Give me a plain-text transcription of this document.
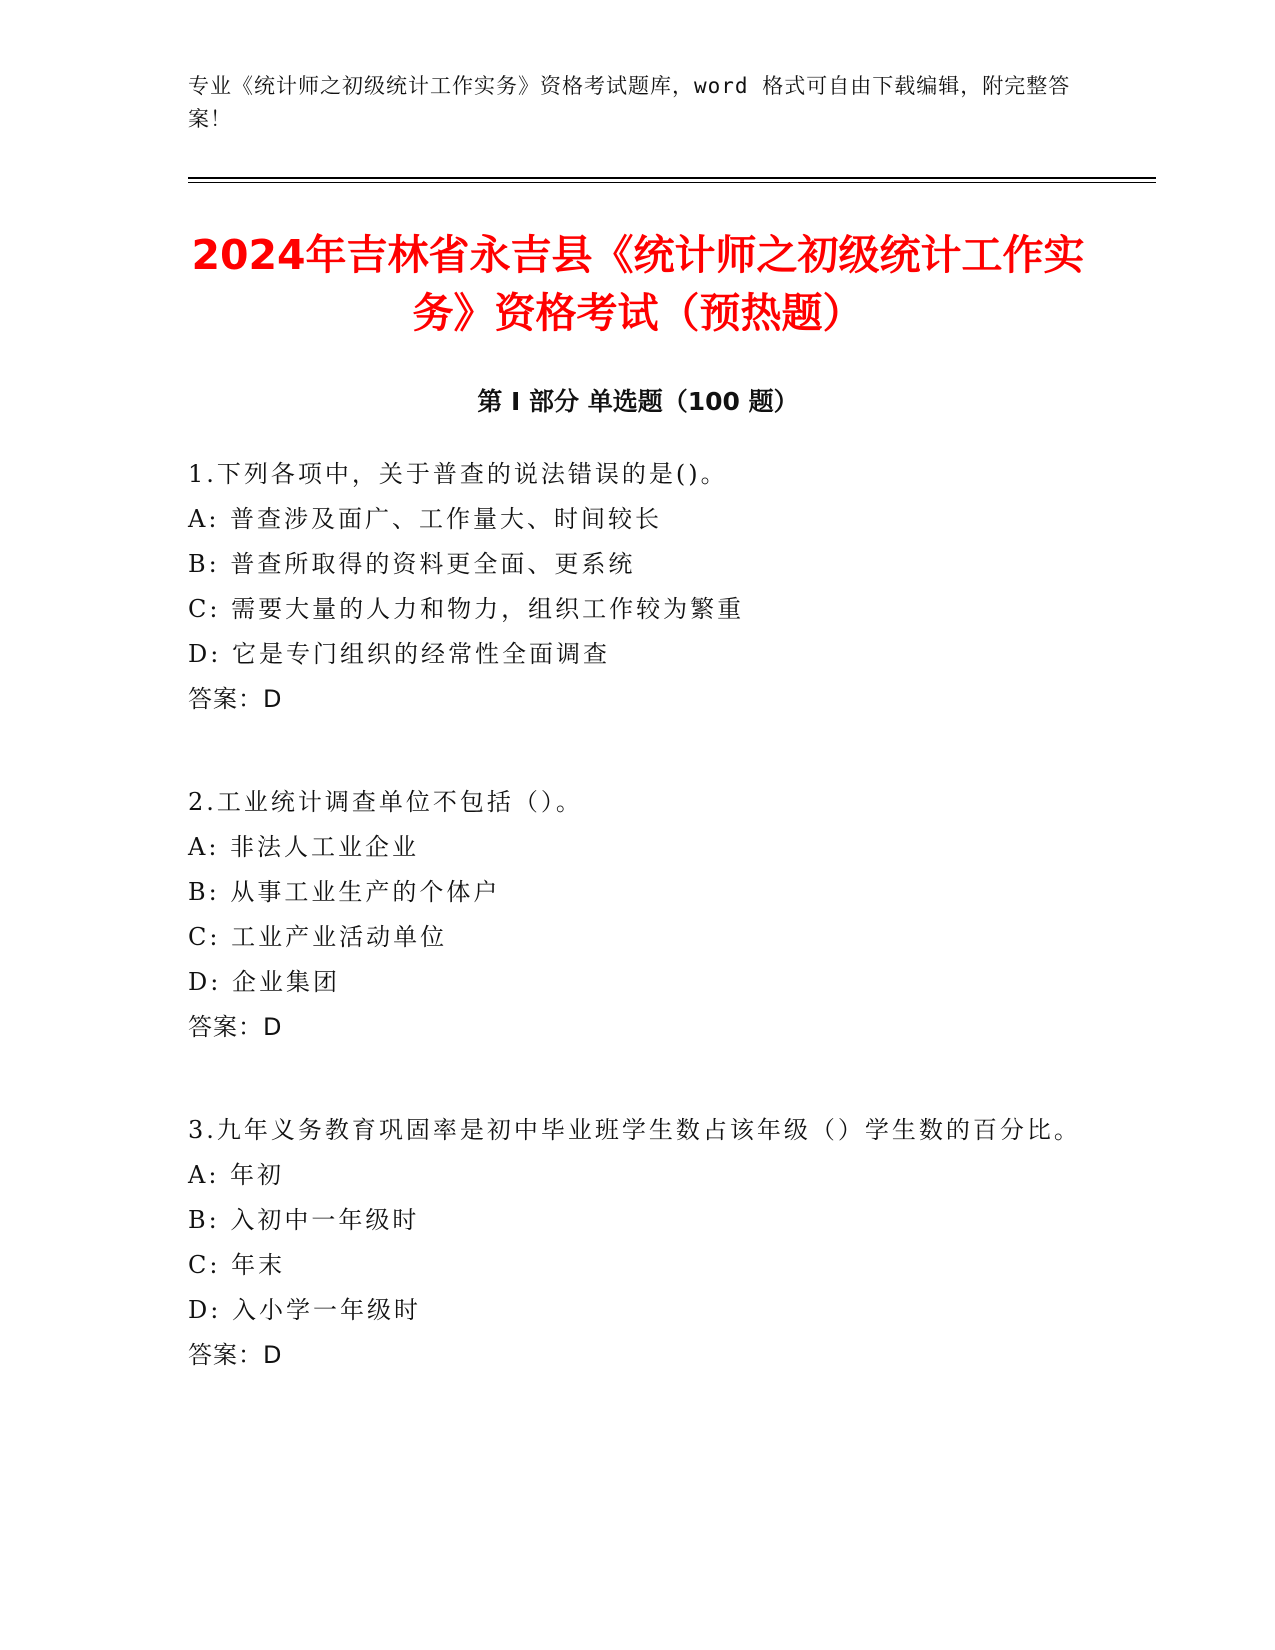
专业《统计师之初级统计工作实务》资格考试题库，word 格式可自由下载编辑，附完整答案！
2024年吉林省永吉县《统计师之初级统计工作实务》资格考试（预热题）
第 I 部分 单选题（100 题）

1.下列各项中，关于普查的说法错误的是()。

A: 普查涉及面广、工作量大、时间较长

B: 普查所取得的资料更全面、更系统

C: 需要大量的人力和物力，组织工作较为繁重

D: 它是专门组织的经常性全面调查

答案：D

2.工业统计调查单位不包括（）。

A: 非法人工业企业

B: 从事工业生产的个体户

C: 工业产业活动单位

D: 企业集团

答案：D

3.九年义务教育巩固率是初中毕业班学生数占该年级（）学生数的百分比。

A: 年初

B: 入初中一年级时

C: 年末

D: 入小学一年级时

答案：D
